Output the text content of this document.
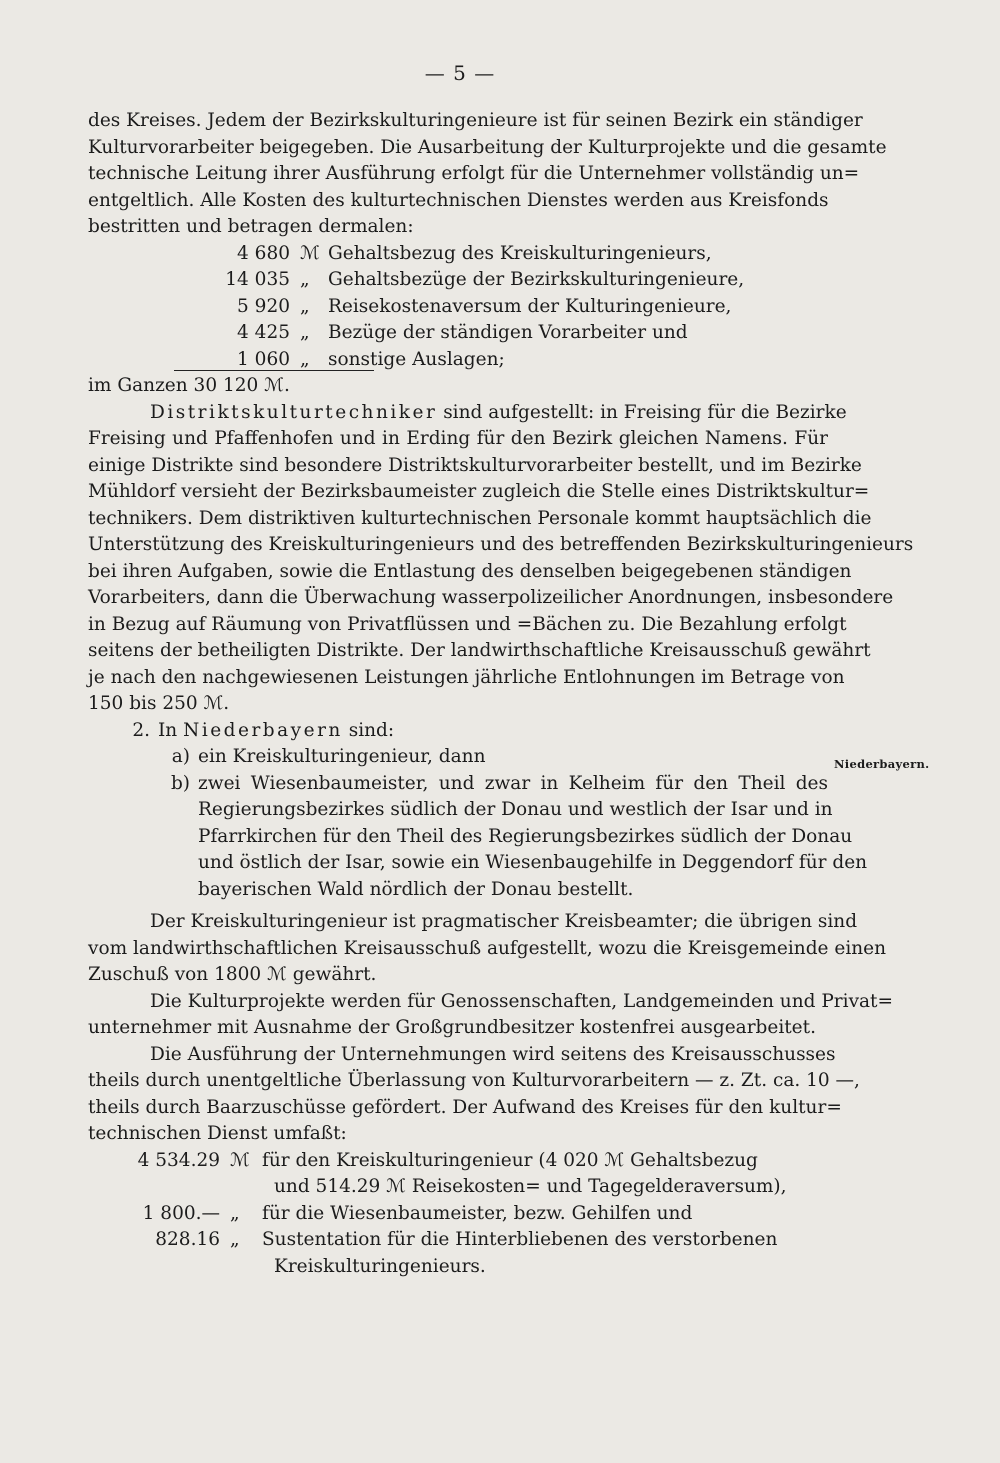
— 5 —
Niederbayern.
des Kreises. Jedem der Bezirkskulturingenieure ist für seinen Bezirk ein ständiger
Kulturvorarbeiter beigegeben. Die Ausarbeitung der Kulturprojekte und die gesamte
technische Leitung ihrer Ausführung erfolgt für die Unternehmer vollständig un=
entgeltlich. Alle Kosten des kulturtechnischen Dienstes werden aus Kreisfonds
bestritten und betragen dermalen:
4 680 ℳ Gehaltsbezug des Kreiskulturingenieurs,
14 035 „ Gehaltsbezüge der Bezirkskulturingenieure,
5 920 „ Reisekostenaversum der Kulturingenieure,
4 425 „ Bezüge der ständigen Vorarbeiter und
1 060 „ sonstige Auslagen;
im Ganzen 30 120 ℳ.
Distriktskulturtechniker sind aufgestellt: in Freising für die Bezirke
Freising und Pfaffenhofen und in Erding für den Bezirk gleichen Namens. Für
einige Distrikte sind besondere Distriktskulturvorarbeiter bestellt, und im Bezirke
Mühldorf versieht der Bezirksbaumeister zugleich die Stelle eines Distriktskultur=
technikers. Dem distriktiven kulturtechnischen Personale kommt hauptsächlich die
Unterstützung des Kreiskulturingenieurs und des betreffenden Bezirkskulturingenieurs
bei ihren Aufgaben, sowie die Entlastung des denselben beigegebenen ständigen
Vorarbeiters, dann die Überwachung wasserpolizeilicher Anordnungen, insbesondere
in Bezug auf Räumung von Privatflüssen und =Bächen zu. Die Bezahlung erfolgt
seitens der betheiligten Distrikte. Der landwirthschaftliche Kreisausschuß gewährt
je nach den nachgewiesenen Leistungen jährliche Entlohnungen im Betrage von
150 bis 250 ℳ.
2. In Niederbayern sind:
a) ein Kreiskulturingenieur, dann
b) zwei Wiesenbaumeister, und zwar in Kelheim für den Theil des
Regierungsbezirkes südlich der Donau und westlich der Isar und in
Pfarrkirchen für den Theil des Regierungsbezirkes südlich der Donau
und östlich der Isar, sowie ein Wiesenbaugehilfe in Deggendorf für den
bayerischen Wald nördlich der Donau bestellt.
Der Kreiskulturingenieur ist pragmatischer Kreisbeamter; die übrigen sind
vom landwirthschaftlichen Kreisausschuß aufgestellt, wozu die Kreisgemeinde einen
Zuschuß von 1800 ℳ gewährt.
Die Kulturprojekte werden für Genossenschaften, Landgemeinden und Privat=
unternehmer mit Ausnahme der Großgrundbesitzer kostenfrei ausgearbeitet.
Die Ausführung der Unternehmungen wird seitens des Kreisausschusses
theils durch unentgeltliche Überlassung von Kulturvorarbeitern — z. Zt. ca. 10 —,
theils durch Baarzuschüsse gefördert. Der Aufwand des Kreises für den kultur=
technischen Dienst umfaßt:
4 534.29 ℳ für den Kreiskulturingenieur (4 020 ℳ Gehaltsbezug
und 514.29 ℳ Reisekosten= und Tagegelderaversum),
1 800.— „	für die Wiesenbaumeister, bezw. Gehilfen und
828.16 „	Sustentation für die Hinterbliebenen des verstorbenen
Kreiskulturingenieurs.
